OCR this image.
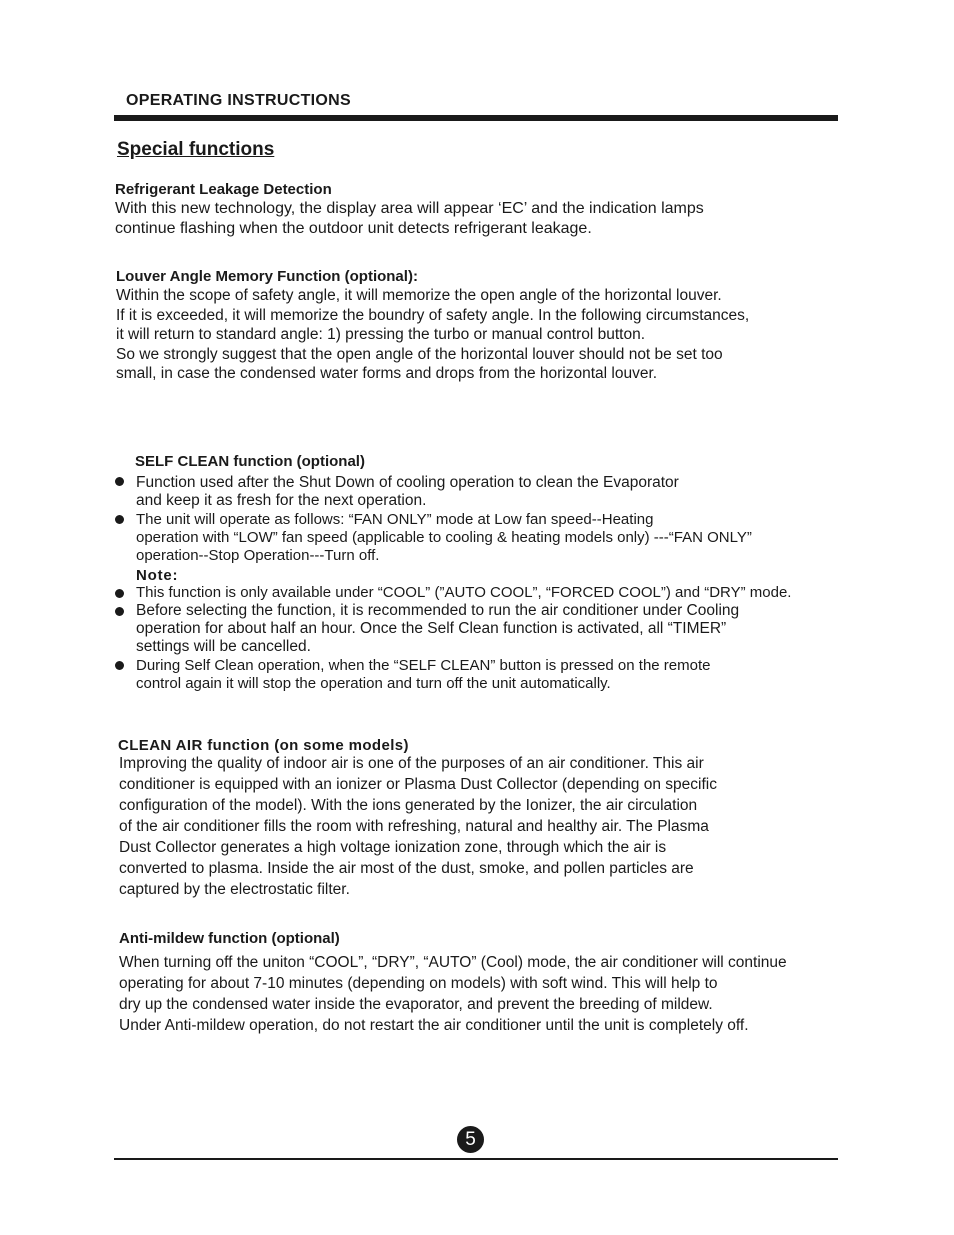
OPERATING INSTRUCTIONS
Special functions
Refrigerant Leakage Detection
With this new technology, the display area will appear ‘EC’ and the indication lamps
continue flashing when the outdoor unit detects refrigerant leakage.
Louver Angle Memory Function (optional):
Within the scope of safety angle, it will memorize the open angle of the horizontal louver.
If it is exceeded, it will memorize the boundry of safety angle. In the following circumstances,
it will return to standard angle: 1) pressing the turbo or manual control button.
So we strongly suggest that the open angle of the horizontal louver should not be set too
small, in case the condensed water forms and drops from the horizontal louver.
SELF CLEAN function (optional)
Function used after the Shut Down of cooling operation to clean the Evaporator
and keep it as fresh for the next operation.
The unit will operate as follows: “FAN ONLY” mode at Low fan speed--Heating
operation with “LOW” fan speed (applicable to cooling & heating models only) ---“FAN ONLY”
operation--Stop Operation---Turn off.
Note:
This function is only available under “COOL” (”AUTO COOL”, “FORCED COOL”) and “DRY” mode.
Before selecting the function, it is recommended to run the air conditioner under Cooling
operation for about half an hour. Once the Self Clean function is activated, all “TIMER”
settings will be cancelled.
During Self Clean operation, when the “SELF CLEAN” button is pressed on the remote
control again it will stop the operation and turn off the unit automatically.
CLEAN AIR function (on some models)
Improving the quality of indoor air is one of the purposes of an air conditioner. This air
conditioner is equipped with an ionizer or Plasma Dust Collector (depending on specific
configuration of the model). With the ions generated by the Ionizer, the air circulation
of the air conditioner fills the room with refreshing, natural and healthy air. The Plasma
Dust Collector generates a high voltage ionization zone, through which the air is
converted to plasma. Inside the air most of the dust, smoke, and pollen particles are
captured by the electrostatic filter.
Anti-mildew function (optional)
When turning off the uniton “COOL”, “DRY”, “AUTO” (Cool) mode, the air conditioner will continue
operating for about 7-10 minutes (depending on models) with soft wind. This will help to
dry up the condensed water inside the evaporator, and prevent the breeding of mildew.
Under Anti-mildew operation, do not restart the air conditioner until the unit is completely off.
5
